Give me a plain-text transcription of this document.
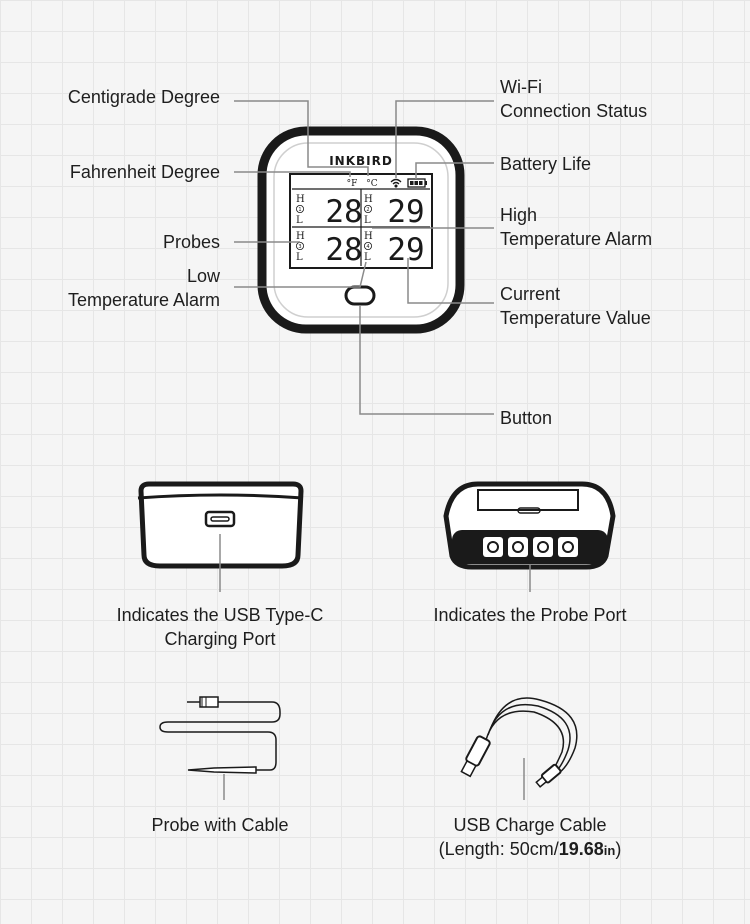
INKBIRD
°F °C
H
1
L 28 H
2
L 29
H
3
L 28 H
4
L 29
Centigrade Degree
Fahrenheit Degree
Probes
Low
Temperature Alarm
Wi-Fi
Connection Status
Battery Life
High
Temperature Alarm
Current
Temperature Value
Button
Indicates the USB Type-C
Charging Port
Indicates the Probe Port
Probe with Cable	USB Charge Cable
(Length: 50cm/19.68in)
